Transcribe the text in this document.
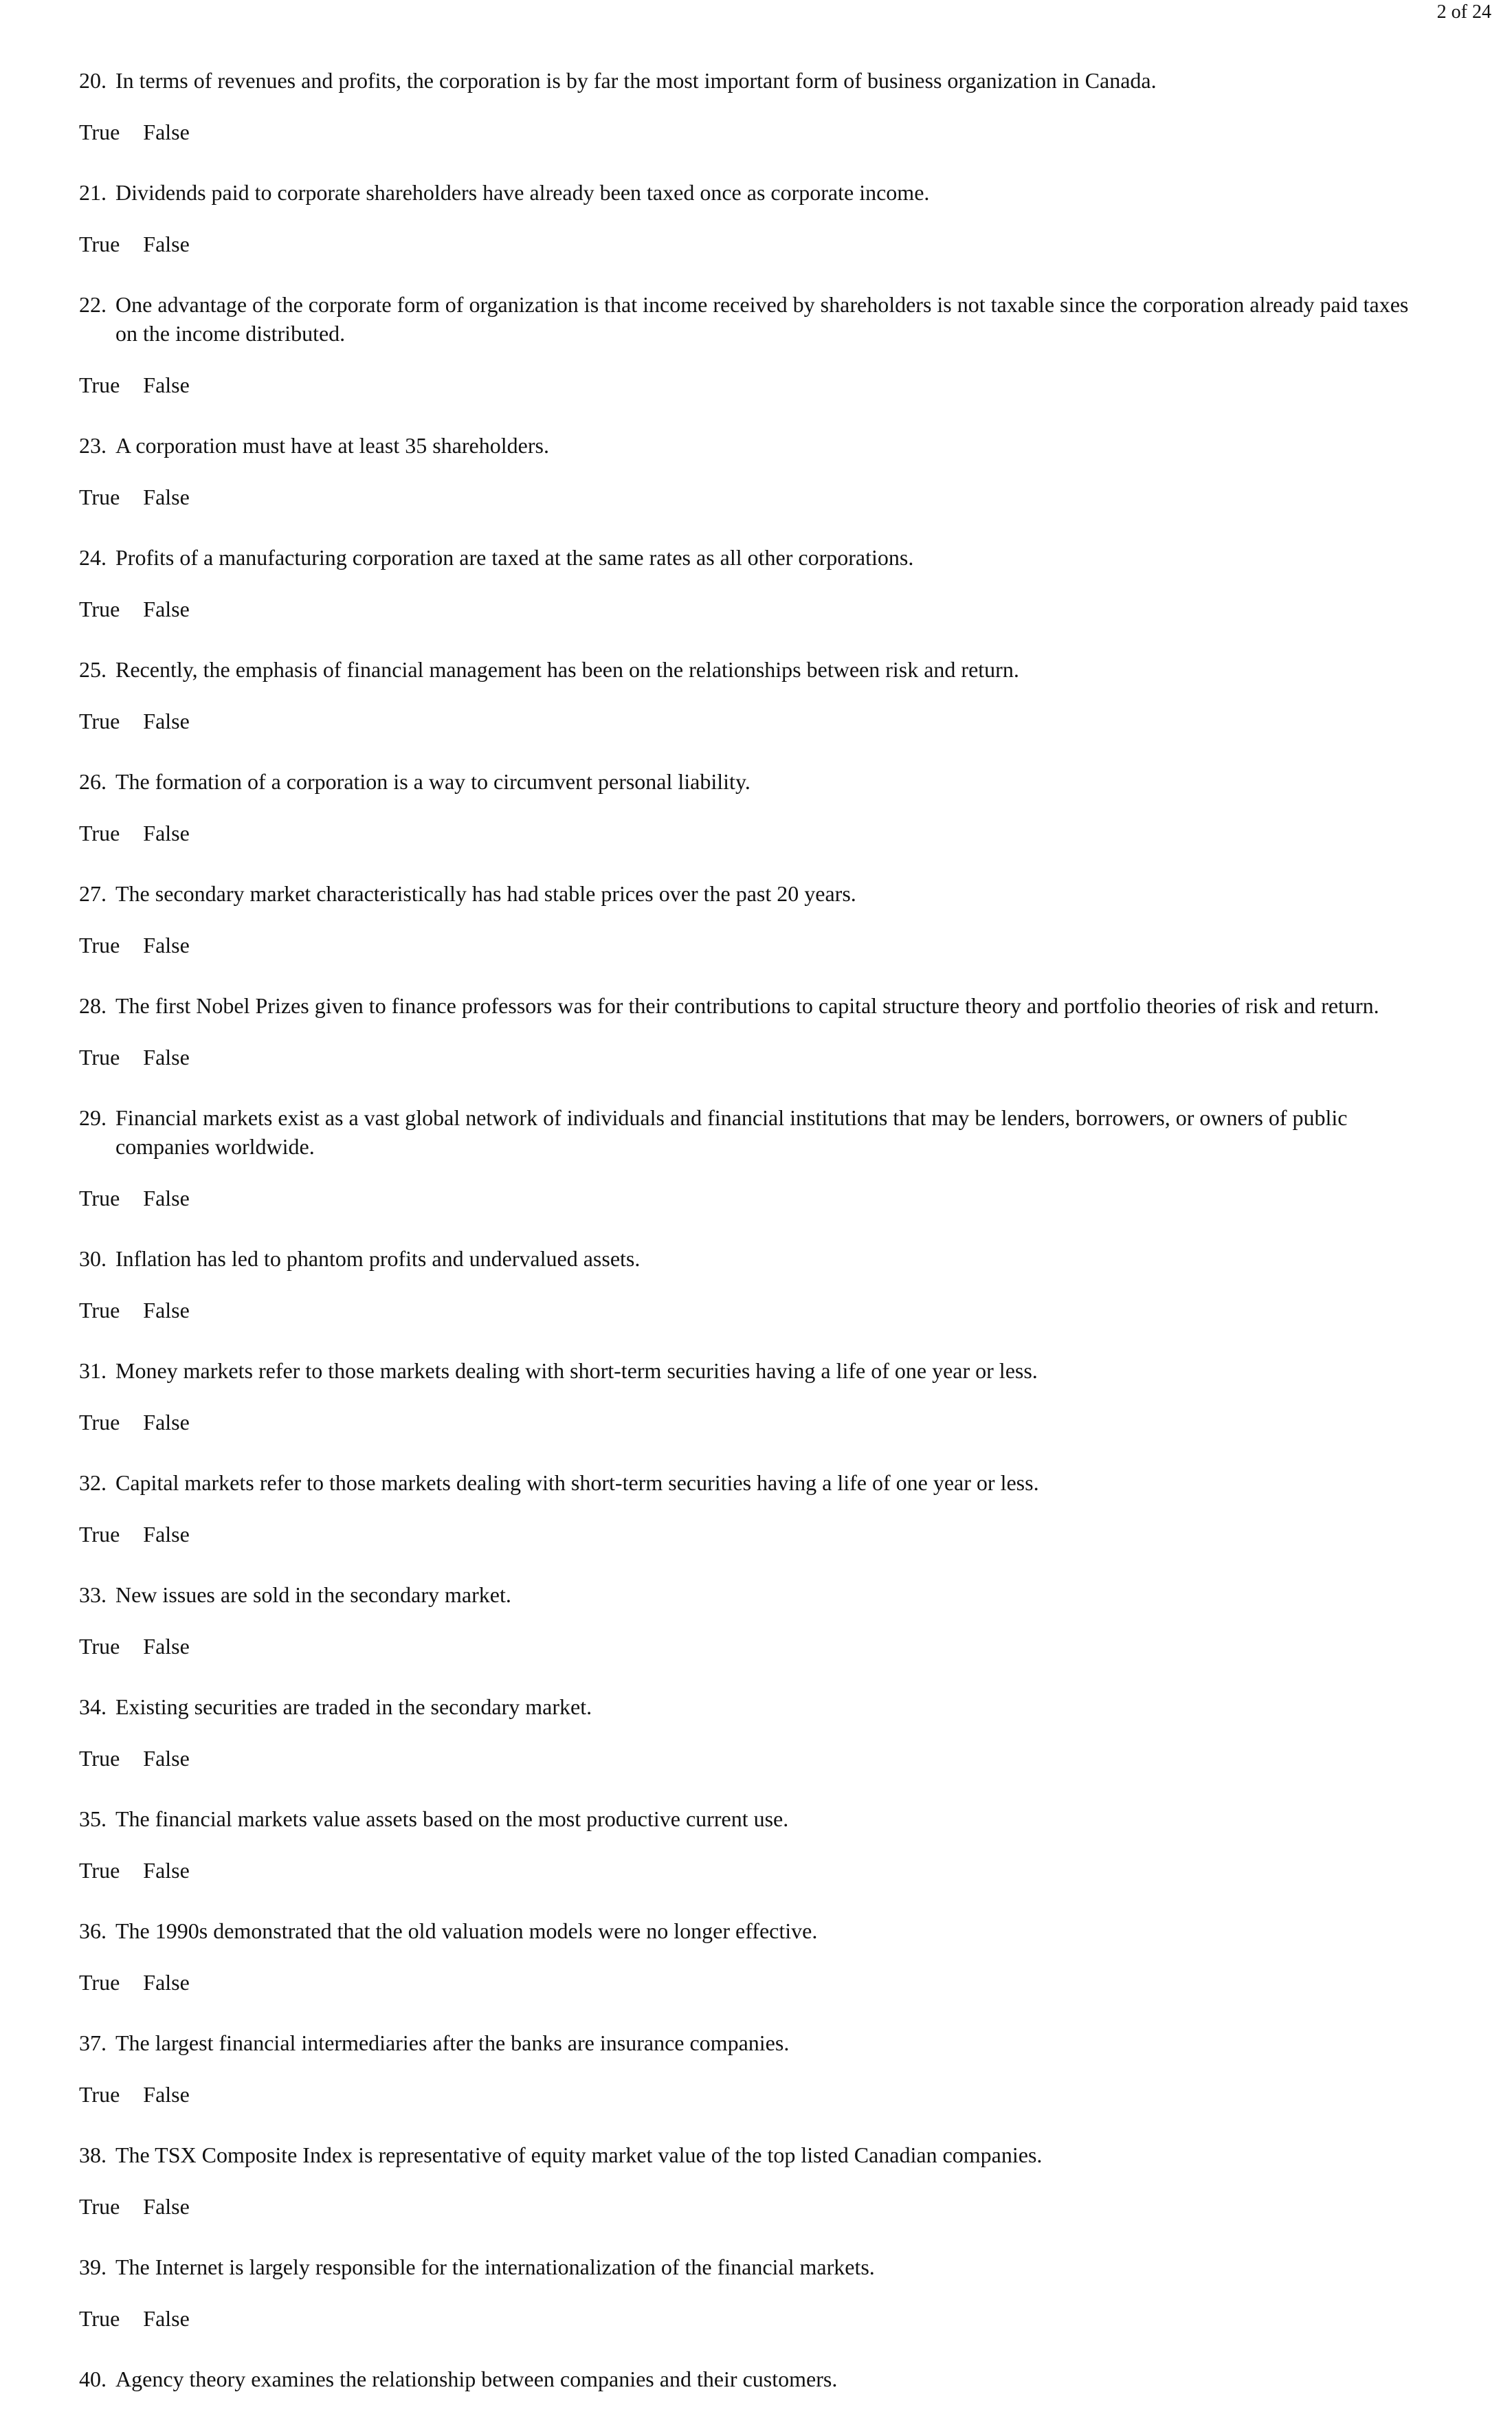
2 of 24
20. In terms of revenues and profits, the corporation is by far the most important form of business organization in Canada.
True False
21. Dividends paid to corporate shareholders have already been taxed once as corporate income.
True False
22. One advantage of the corporate form of organization is that income received by shareholders is not taxable since the corporation already paid taxes on the income distributed.
True False
23. A corporation must have at least 35 shareholders.
True False
24. Profits of a manufacturing corporation are taxed at the same rates as all other corporations.
True False
25. Recently, the emphasis of financial management has been on the relationships between risk and return.
True False
26. The formation of a corporation is a way to circumvent personal liability.
True False
27. The secondary market characteristically has had stable prices over the past 20 years.
True False
28. The first Nobel Prizes given to finance professors was for their contributions to capital structure theory and portfolio theories of risk and return.
True False
29. Financial markets exist as a vast global network of individuals and financial institutions that may be lenders, borrowers, or owners of public companies worldwide.
True False
30. Inflation has led to phantom profits and undervalued assets.
True False
31. Money markets refer to those markets dealing with short-term securities having a life of one year or less.
True False
32. Capital markets refer to those markets dealing with short-term securities having a life of one year or less.
True False
33. New issues are sold in the secondary market.
True False
34. Existing securities are traded in the secondary market.
True False
35. The financial markets value assets based on the most productive current use.
True False
36. The 1990s demonstrated that the old valuation models were no longer effective.
True False
37. The largest financial intermediaries after the banks are insurance companies.
True False
38. The TSX Composite Index is representative of equity market value of the top listed Canadian companies.
True False
39. The Internet is largely responsible for the internationalization of the financial markets.
True False
40. Agency theory examines the relationship between companies and their customers.
